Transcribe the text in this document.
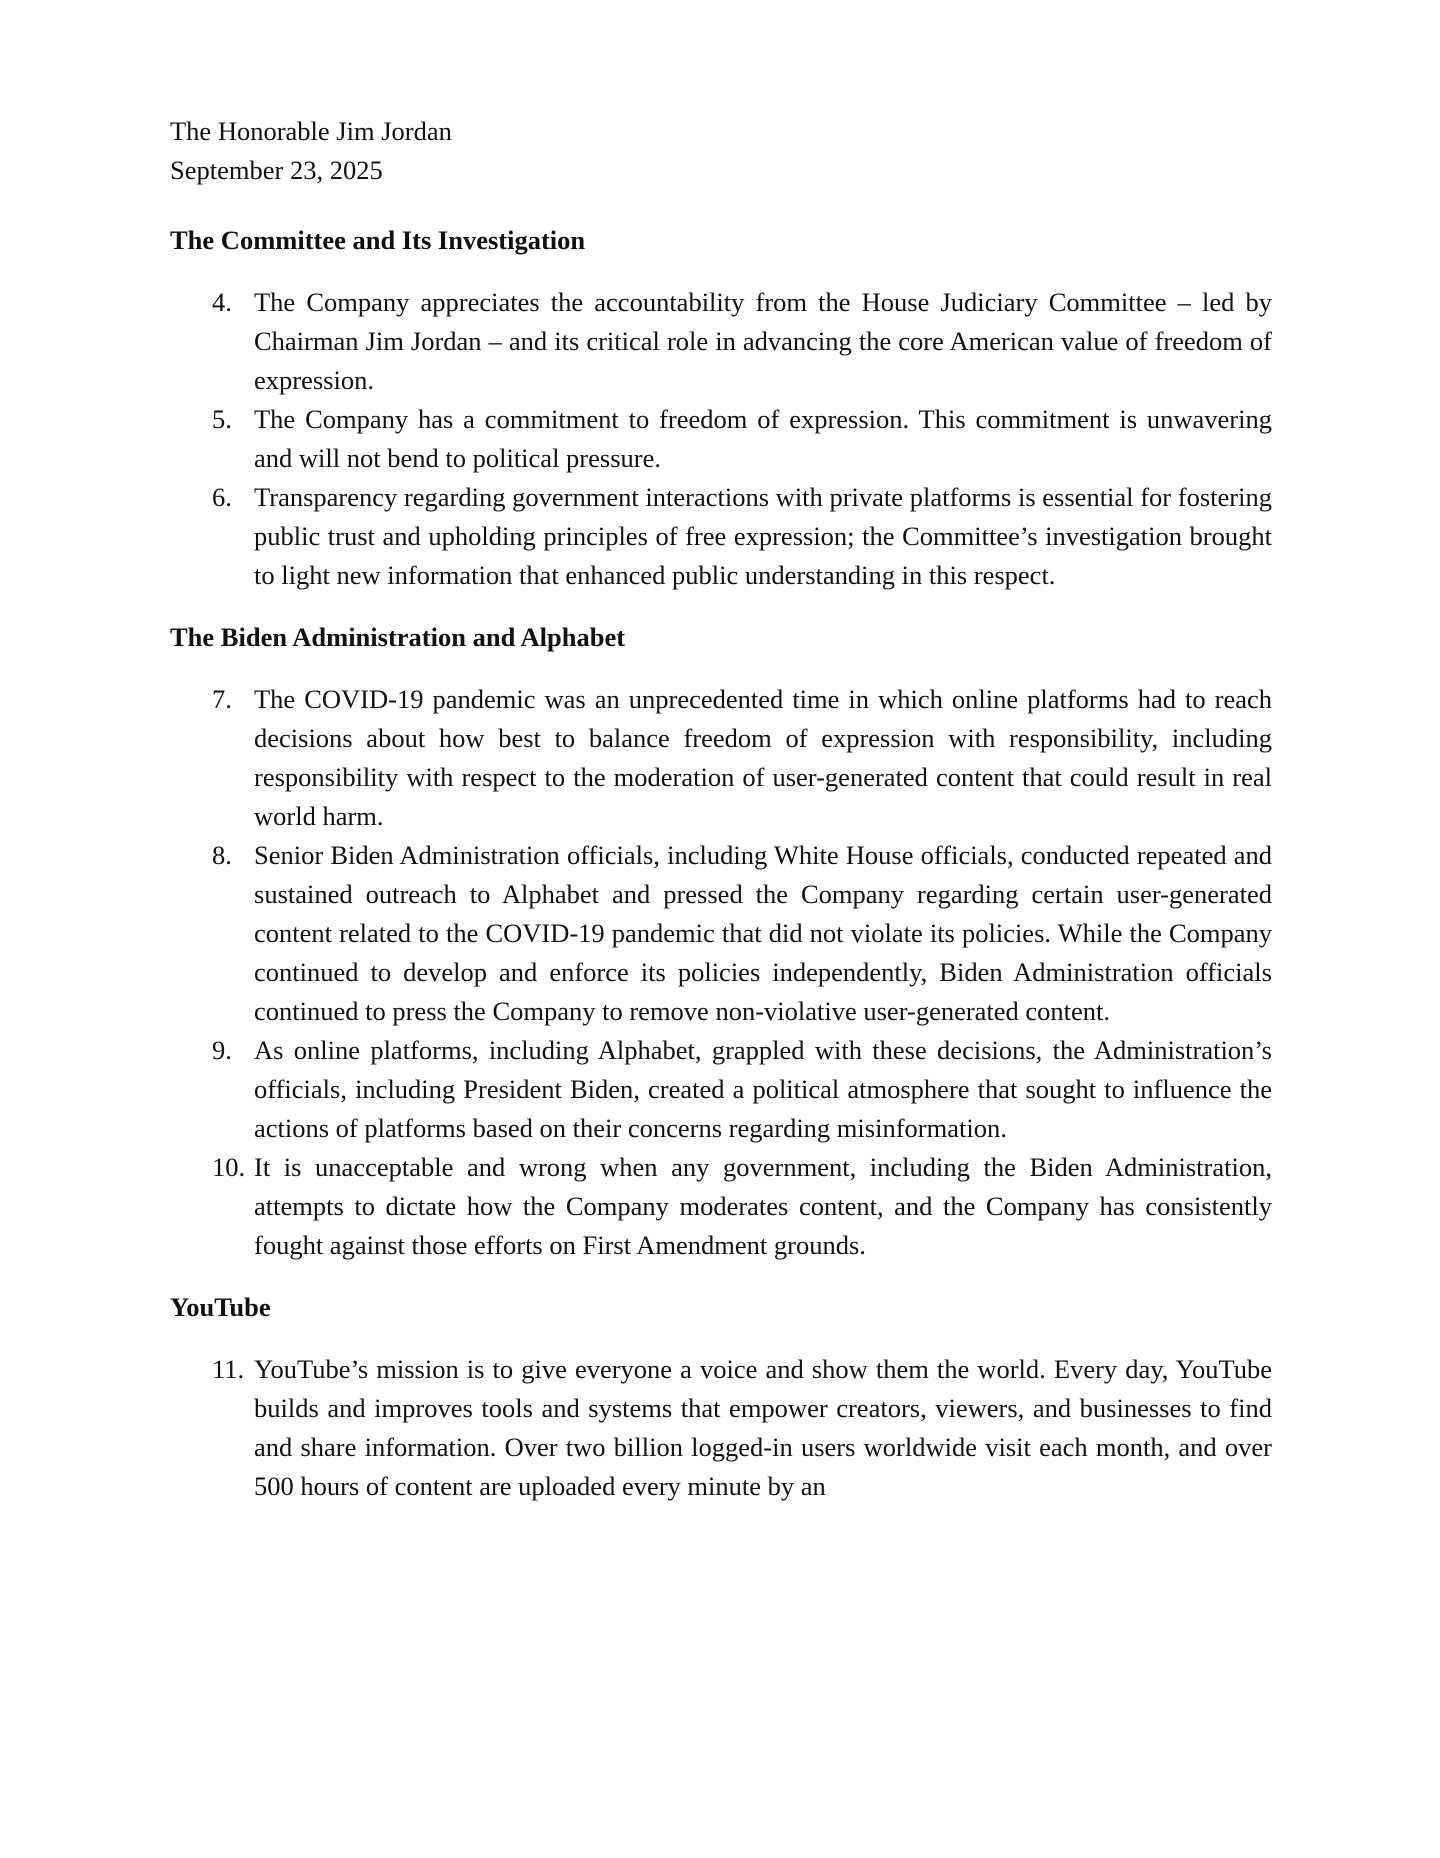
The Honorable Jim Jordan

September 23, 2025

The Committee and Its Investigation
4. The Company appreciates the accountability from the House Judiciary Committee – led by Chairman Jim Jordan – and its critical role in advancing the core American value of freedom of expression.
5. The Company has a commitment to freedom of expression. This commitment is unwavering and will not bend to political pressure.
6. Transparency regarding government interactions with private platforms is essential for fostering public trust and upholding principles of free expression; the Committee’s investigation brought to light new information that enhanced public understanding in this respect.
The Biden Administration and Alphabet
7. The COVID-19 pandemic was an unprecedented time in which online platforms had to reach decisions about how best to balance freedom of expression with responsibility, including responsibility with respect to the moderation of user-generated content that could result in real world harm.
8. Senior Biden Administration officials, including White House officials, conducted repeated and sustained outreach to Alphabet and pressed the Company regarding certain user-generated content related to the COVID-19 pandemic that did not violate its policies. While the Company continued to develop and enforce its policies independently, Biden Administration officials continued to press the Company to remove non-violative user-generated content.
9. As online platforms, including Alphabet, grappled with these decisions, the Administration’s officials, including President Biden, created a political atmosphere that sought to influence the actions of platforms based on their concerns regarding misinformation.
10. It is unacceptable and wrong when any government, including the Biden Administration, attempts to dictate how the Company moderates content, and the Company has consistently fought against those efforts on First Amendment grounds.
YouTube
11. YouTube’s mission is to give everyone a voice and show them the world. Every day, YouTube builds and improves tools and systems that empower creators, viewers, and businesses to find and share information. Over two billion logged-in users worldwide visit each month, and over 500 hours of content are uploaded every minute by an
